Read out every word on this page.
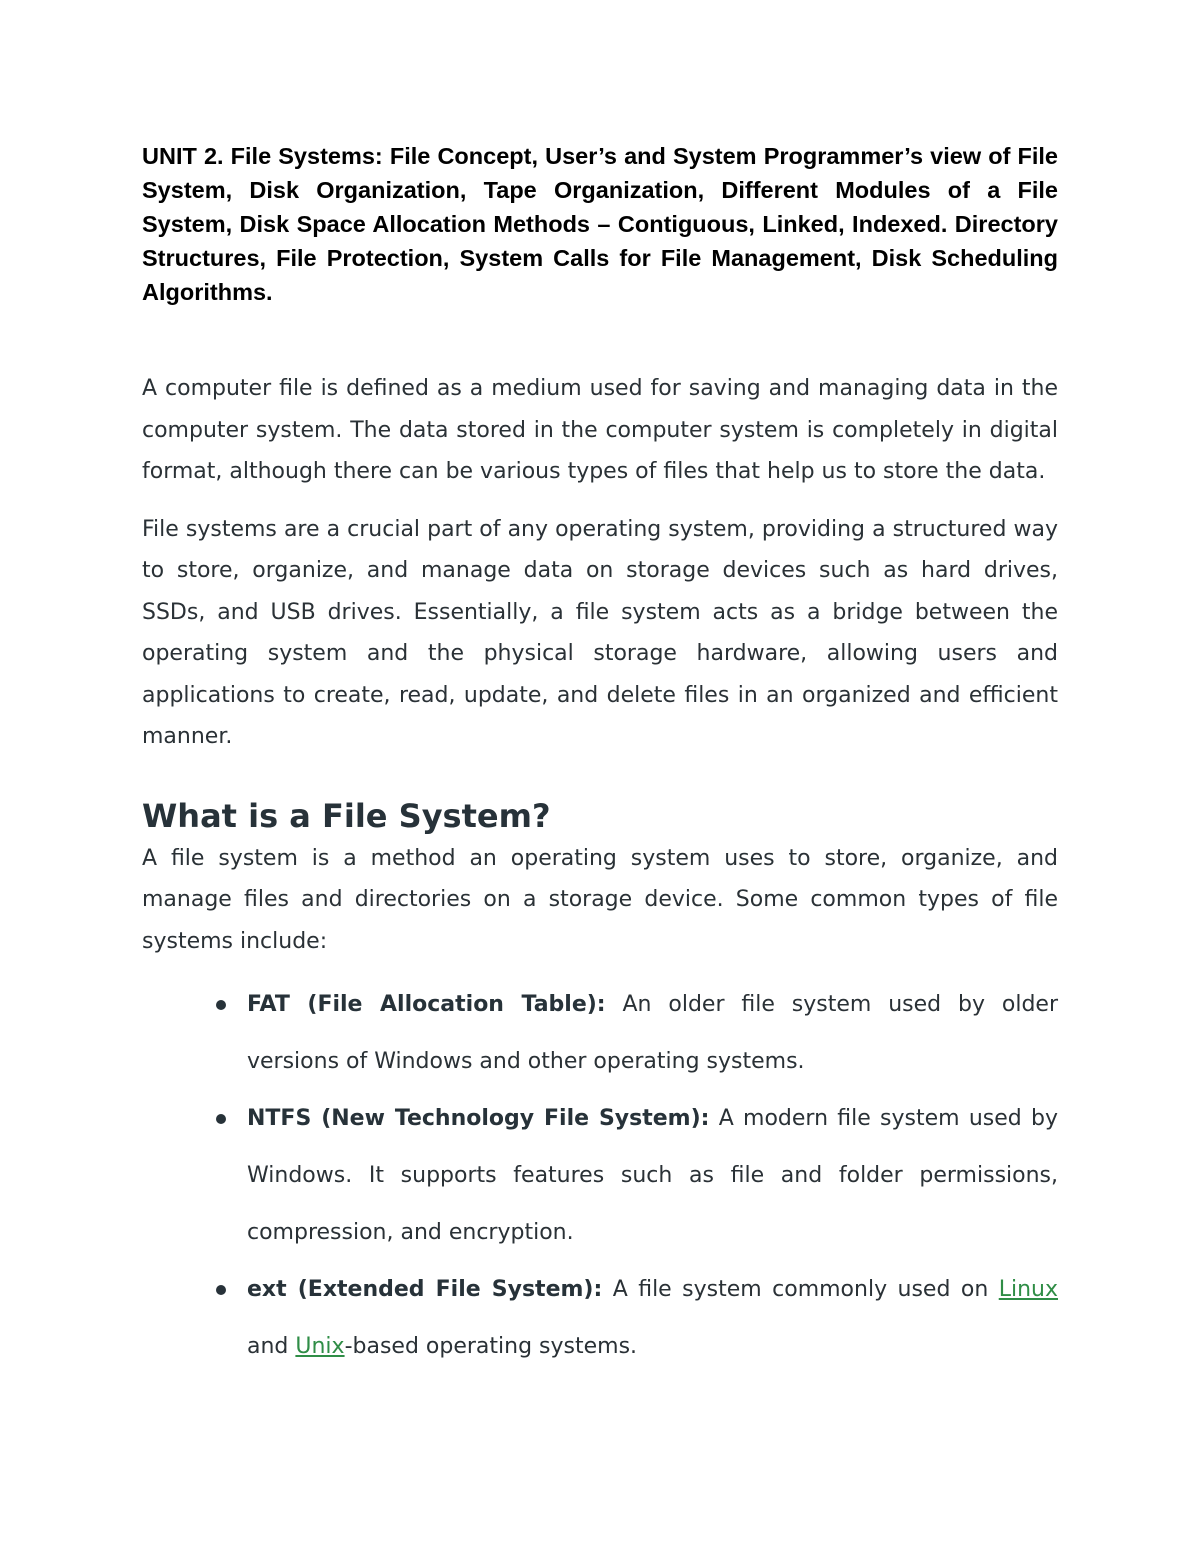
UNIT 2. File Systems: File Concept, User’s and System Programmer’s view of File System, Disk Organization, Tape Organization, Different Modules of a File System, Disk Space Allocation Methods – Contiguous, Linked, Indexed. Directory Structures, File Protection, System Calls for File Management, Disk Scheduling Algorithms.

A computer file is defined as a medium used for saving and managing data in the computer system. The data stored in the computer system is completely in digital format, although there can be various types of files that help us to store the data.

File systems are a crucial part of any operating system, providing a structured way to store, organize, and manage data on storage devices such as hard drives, SSDs, and USB drives. Essentially, a file system acts as a bridge between the operating system and the physical storage hardware, allowing users and applications to create, read, update, and delete files in an organized and efficient manner.

What is a File System?

A file system is a method an operating system uses to store, organize, and manage files and directories on a storage device. Some common types of file systems include:

FAT (File Allocation Table): An older file system used by older versions of Windows and other operating systems.
NTFS (New Technology File System): A modern file system used by Windows. It supports features such as file and folder permissions, compression, and encryption.
ext (Extended File System): A file system commonly used on Linux and Unix-based operating systems.
